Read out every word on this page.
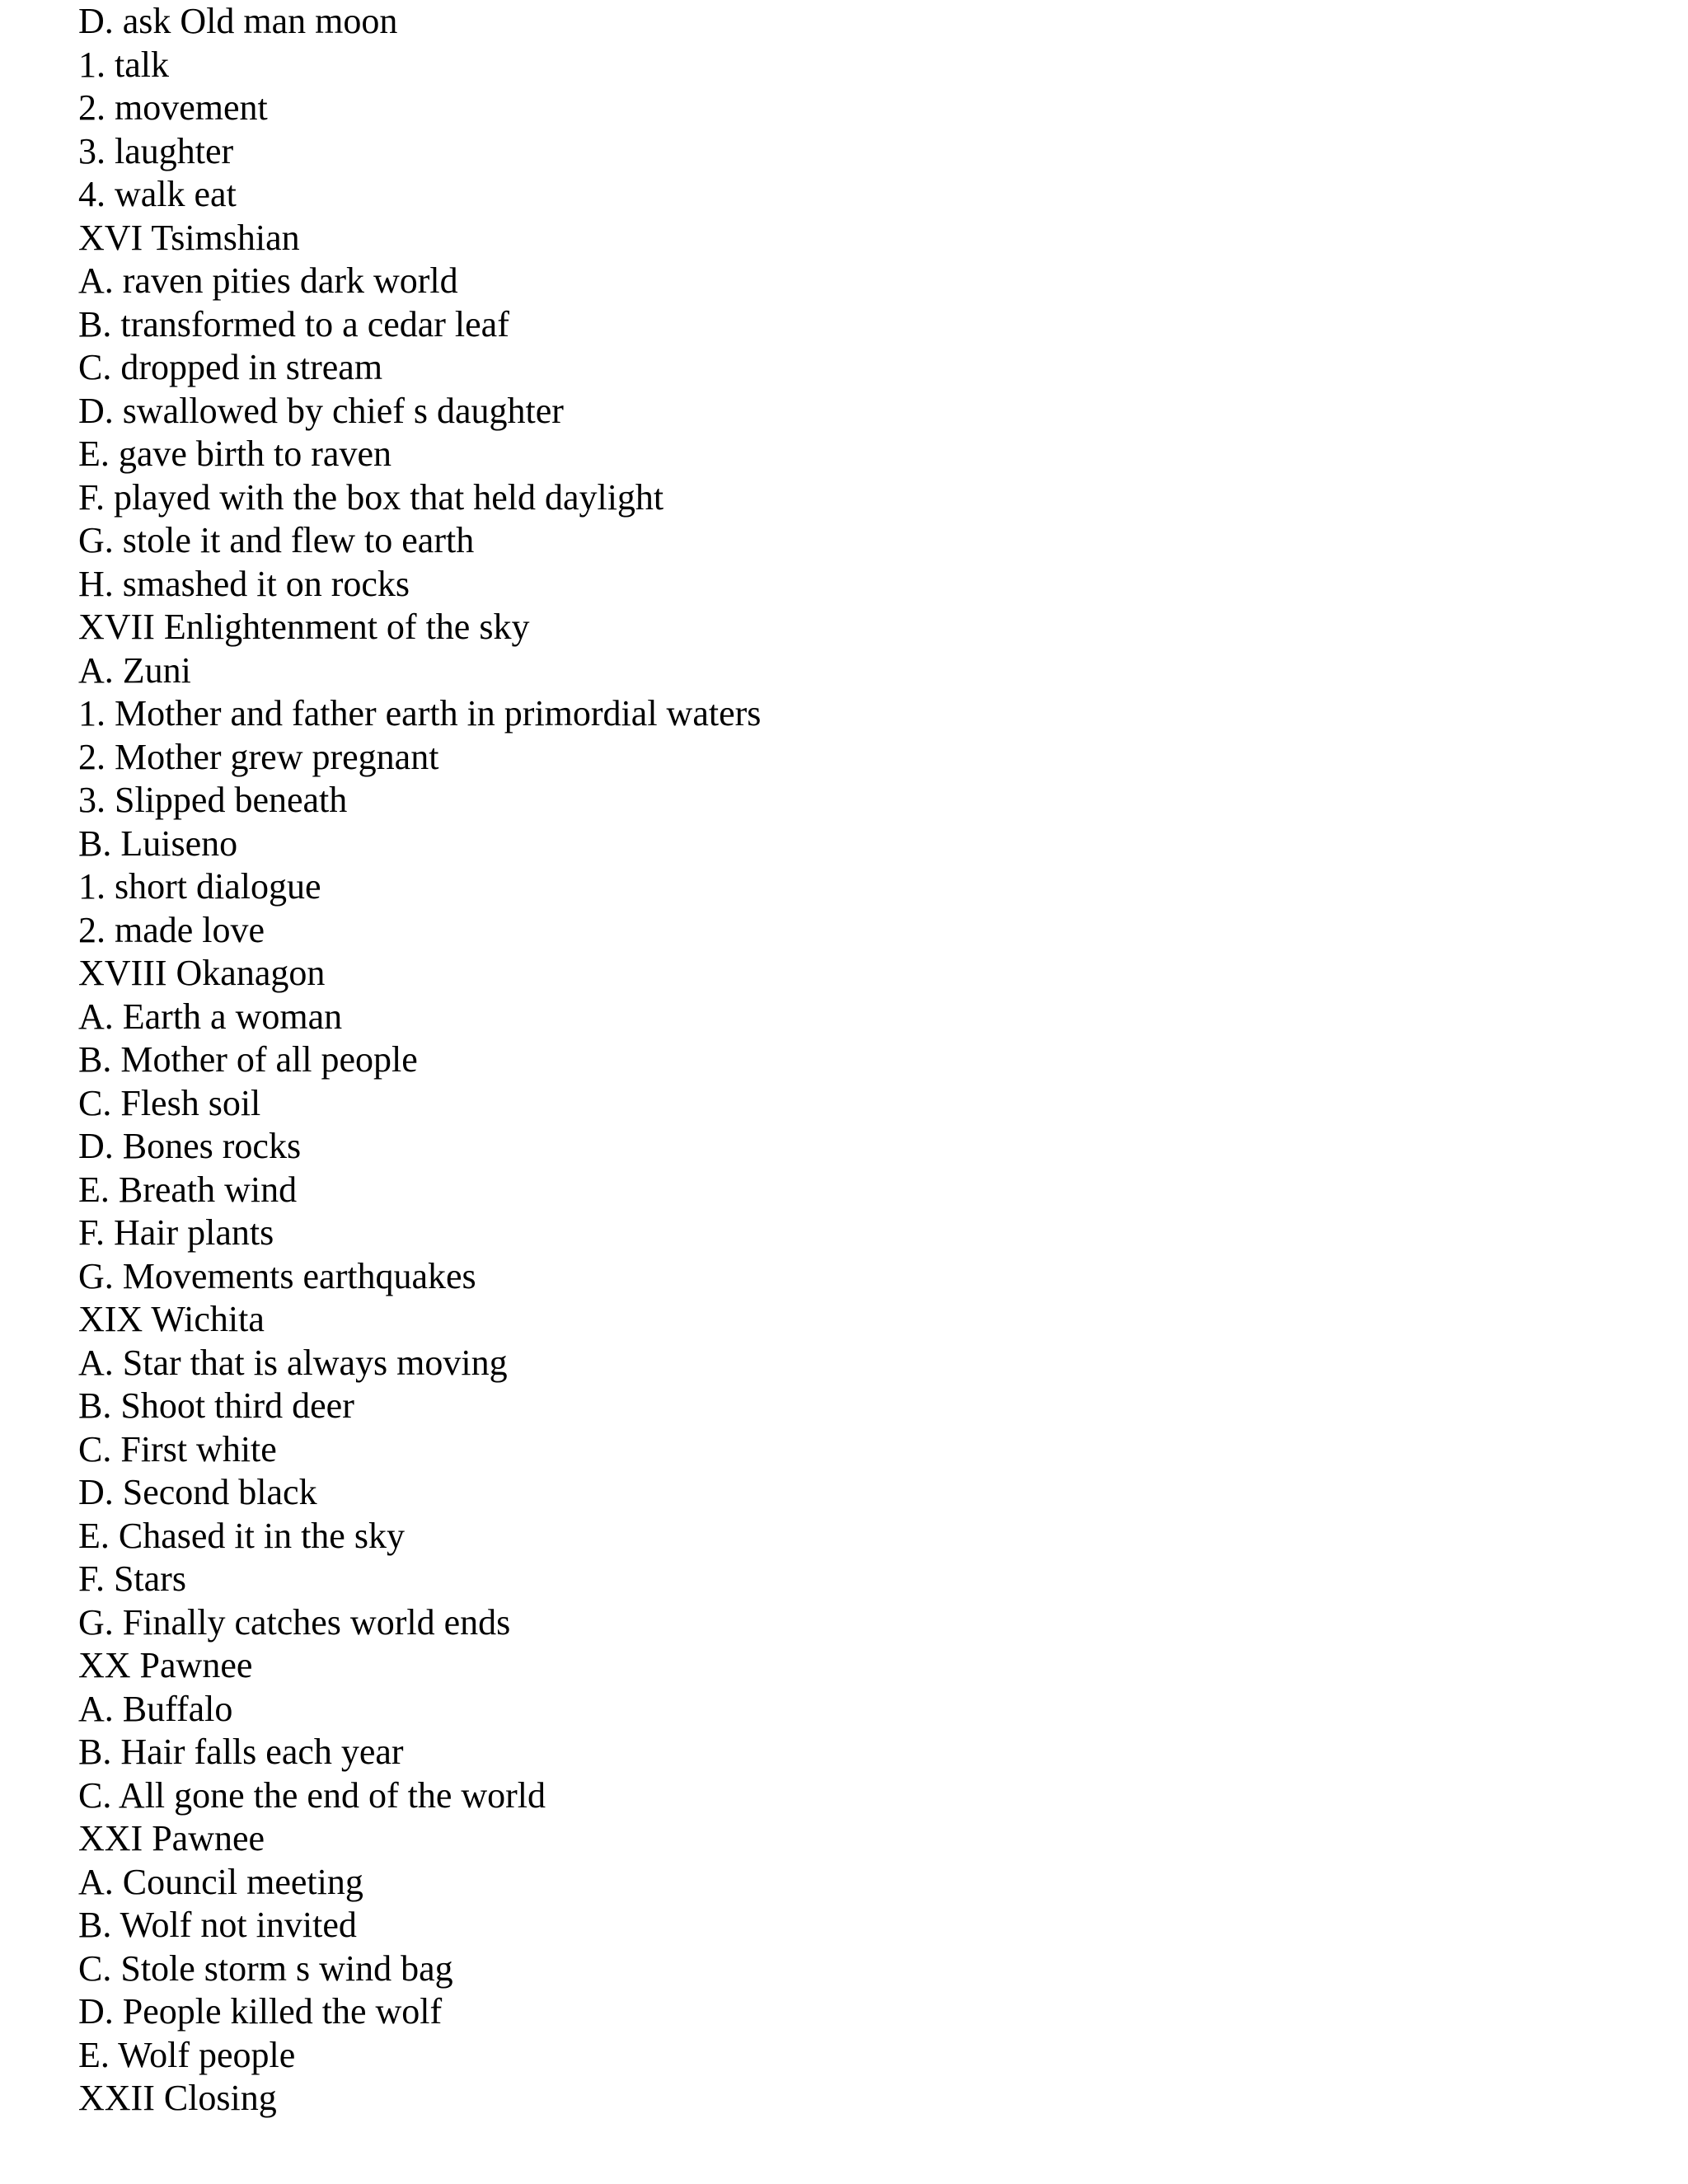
D. ask Old man moon
1. talk
2. movement
3. laughter
4. walk eat
XVI Tsimshian
A. raven pities dark world
B. transformed to a cedar leaf
C. dropped in stream
D. swallowed by chief s daughter
E. gave birth to raven
F. played with the box that held daylight
G. stole it and flew to earth
H. smashed it on rocks
XVII Enlightenment of the sky
A. Zuni
1. Mother and father earth in primordial waters
2. Mother grew pregnant
3. Slipped beneath
B. Luiseno
1. short dialogue
2. made love
XVIII Okanagon
A. Earth a woman
B. Mother of all people
C. Flesh soil
D. Bones rocks
E. Breath wind
F. Hair plants
G. Movements earthquakes
XIX Wichita
A. Star that is always moving
B. Shoot third deer
C. First white
D. Second black
E. Chased it in the sky
F. Stars
G. Finally catches world ends
XX Pawnee
A. Buffalo
B. Hair falls each year
C. All gone the end of the world
XXI Pawnee
A. Council meeting
B. Wolf not invited
C. Stole storm s wind bag
D. People killed the wolf
E. Wolf people
XXII Closing
